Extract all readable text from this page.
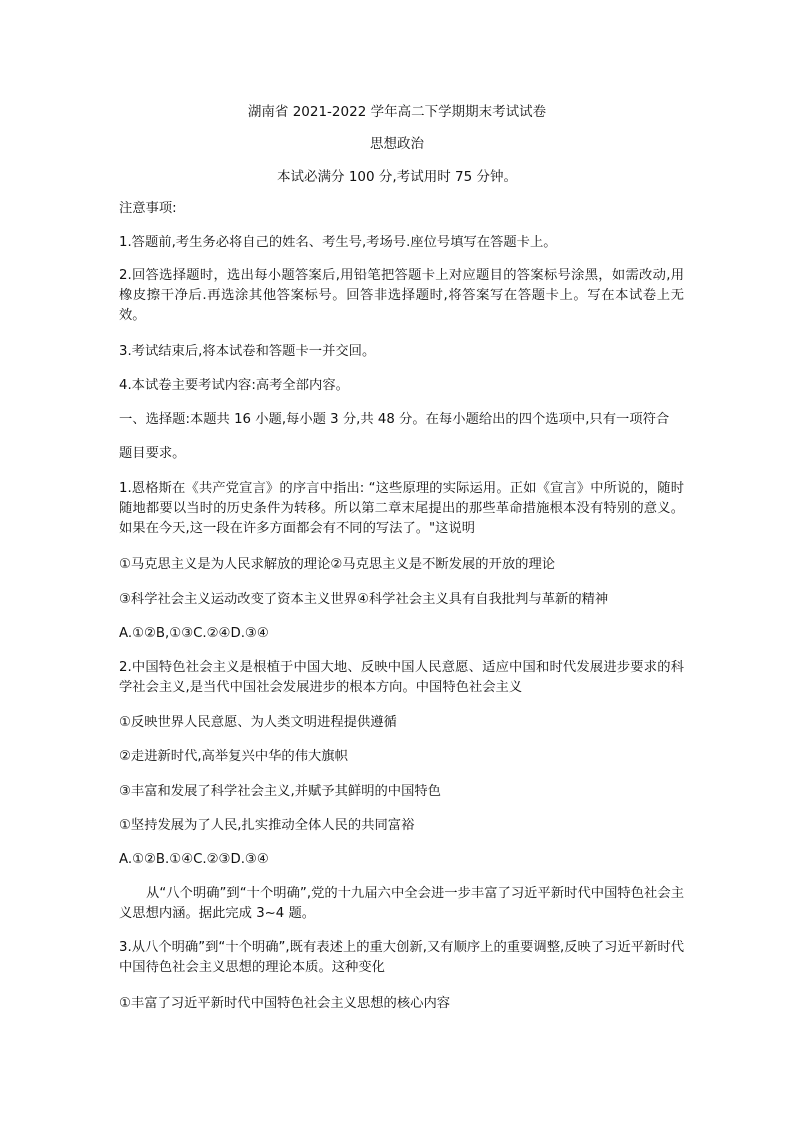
湖南省 2021-2022 学年高二下学期期末考试试卷
思想政治
本试必满分 100 分,考试用时 75 分钟。
注意事项:
1.答题前,考生务必将自己的姓名、考生号,考场号.座位号填写在答题卡上。
2.回答选择题时，选出每小题答案后,用铅笔把答题卡上对应题目的答案标号涂黑，如需改动,用橡皮擦干净后.再选涂其他答案标号。回答非选择题时,将答案写在答题卡上。写在本试卷上无效。
3.考试结束后,将本试卷和答题卡一并交回。
4.本试卷主要考试内容:高考全部内容。
一、选择题:本题共 16 小题,每小题 3 分,共 48 分。在每小题给出的四个选项中,只有一项符合
题目要求。
1.恩格斯在《共产党宣言》的序言中指出: “这些原理的实际运用。正如《宣言》中所说的，随时随地都要以当时的历史条件为转移。所以第二章末尾提出的那些革命措施根本没有特别的意义。如果在今天,这一段在许多方面都会有不同的写法了。"这说明
①马克思主义是为人民求解放的理论②马克思主义是不断发展的开放的理论
③科学社会主义运动改变了资本主义世界④科学社会主义具有自我批判与革新的精神
A.①②B,①③C.②④D.③④
2.中国特色社会主义是根植于中国大地、反映中国人民意愿、适应中国和时代发展进步要求的科学社会主义,是当代中国社会发展进步的根本方向。中国特色社会主义
①反映世界人民意愿、为人类文明进程提供遵循
②走进新时代,高举复兴中华的伟大旗帜
③丰富和发展了科学社会主义,并赋予其鲜明的中国特色
①坚持发展为了人民,扎实推动全体人民的共同富裕
A.①②B.①④C.②③D.③④
从“八个明确”到“十个明确”,党的十九届六中全会进一步丰富了习近平新时代中国特色社会主义思想内涵。据此完成 3~4 题。
3.从八个明确”到“十个明确”,既有表述上的重大创新,又有顺序上的重要调整,反映了习近平新时代中国待色社会主义思想的理论本质。这种变化
①丰富了习近平新时代中国特色社会主义思想的核心内容
